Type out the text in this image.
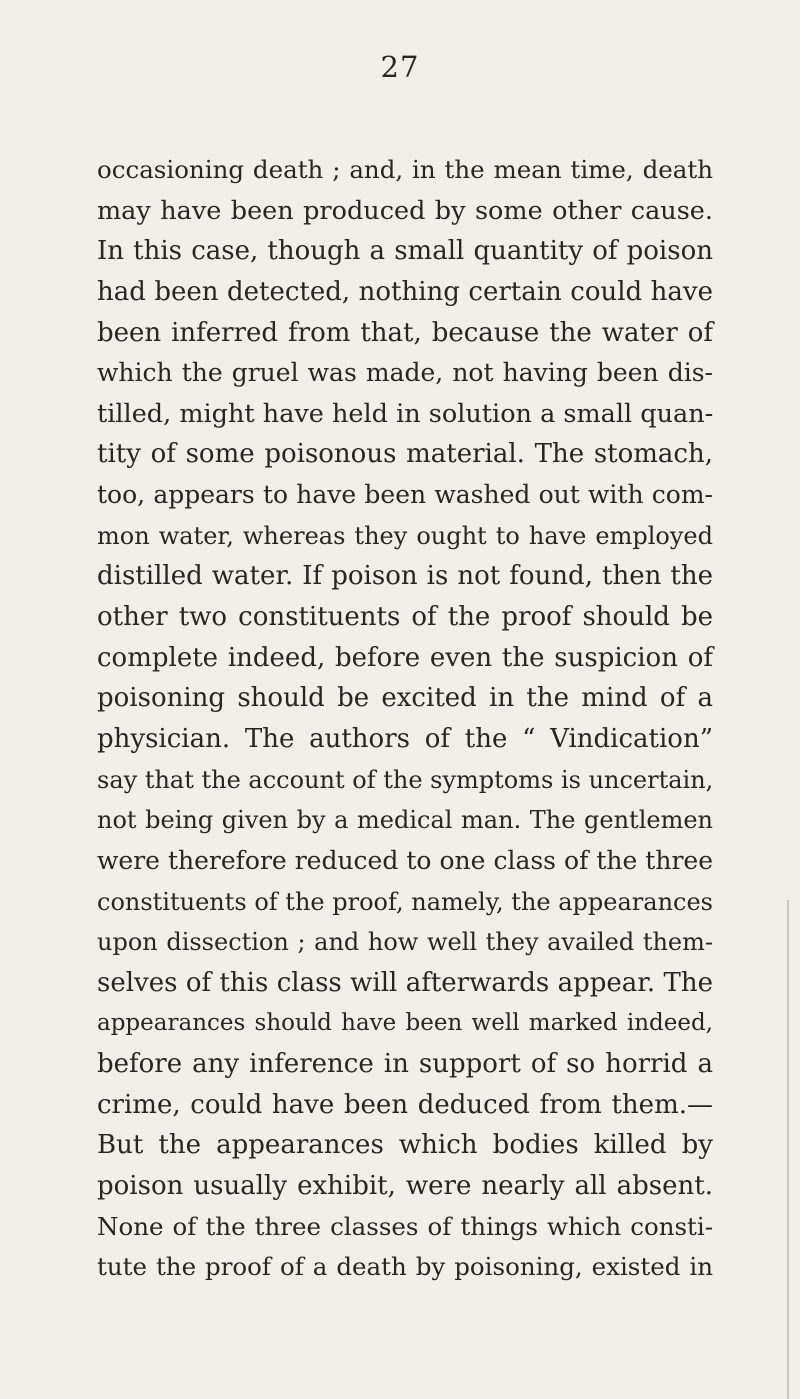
27
occasioning death ; and, in the mean time, death
may have been produced by some other cause.
In this case, though a small quantity of poison
had been detected, nothing certain could have
been inferred from that, because the water of
which the gruel was made, not having been dis-
tilled, might have held in solution a small quan-
tity of some poisonous material. The stomach,
too, appears to have been washed out with com-
mon water, whereas they ought to have employed
distilled water. If poison is not found, then the
other two constituents of the proof should be
complete indeed, before even the suspicion of
poisoning should be excited in the mind of a
physician. The authors of the “ Vindication”
say that the account of the symptoms is uncertain,
not being given by a medical man. The gentlemen
were therefore reduced to one class of the three
constituents of the proof, namely, the appearances
upon dissection ; and how well they availed them-
selves of this class will afterwards appear. The
appearances should have been well marked indeed,
before any inference in support of so horrid a
crime, could have been deduced from them.—
But the appearances which bodies killed by
poison usually exhibit, were nearly all absent.
None of the three classes of things which consti-
tute the proof of a death by poisoning, existed in
